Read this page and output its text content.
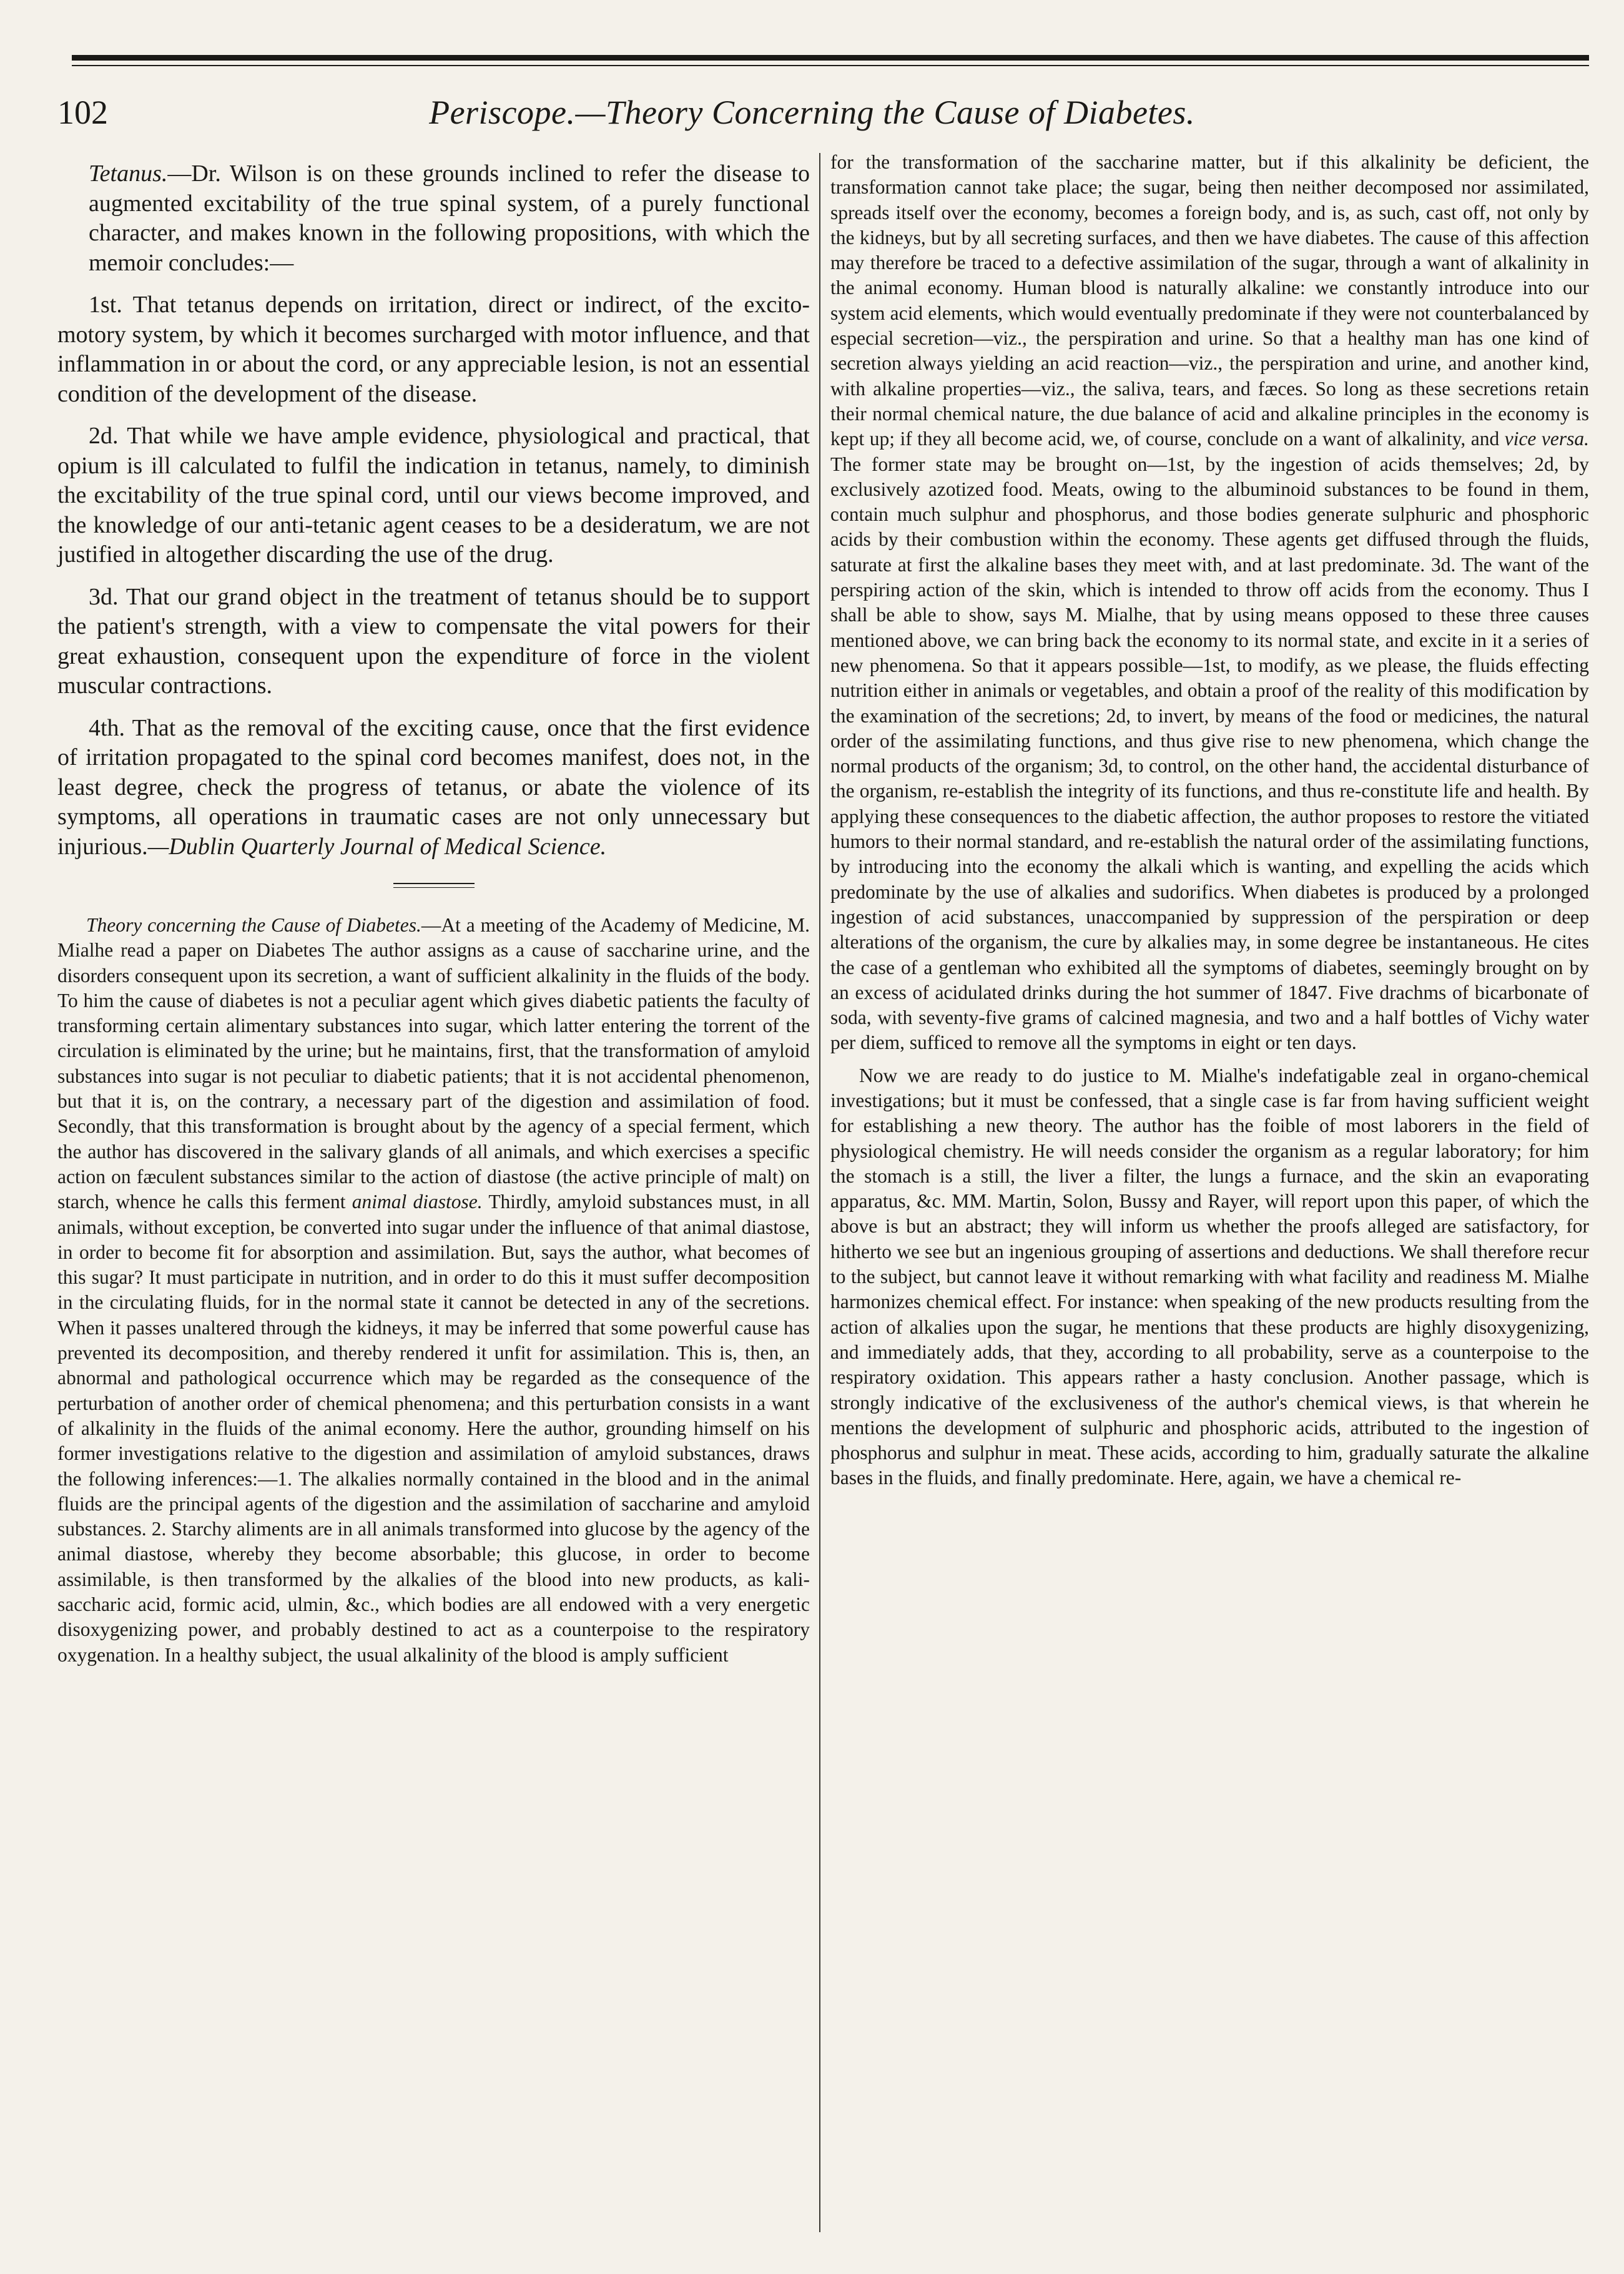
102	Periscope.—Theory Concerning the Cause of Diabetes.

Tetanus.—Dr. Wilson is on these grounds inclined to refer the disease to augmented excitability of the true spinal system, of a purely functional character, and makes known in the following propositions, with which the memoir concludes:—

1st. That tetanus depends on irritation, direct or indirect, of the excito-motory system, by which it becomes surcharged with motor influence, and that inflammation in or about the cord, or any appreciable lesion, is not an essential condition of the development of the disease.

2d. That while we have ample evidence, physiological and practical, that opium is ill calculated to fulfil the indication in tetanus, namely, to diminish the excitability of the true spinal cord, until our views become improved, and the knowledge of our anti-tetanic agent ceases to be a desideratum, we are not justified in altogether discarding the use of the drug.

3d. That our grand object in the treatment of tetanus should be to support the patient's strength, with a view to compensate the vital powers for their great exhaustion, consequent upon the expenditure of force in the violent muscular contractions.

4th. That as the removal of the exciting cause, once that the first evidence of irritation propagated to the spinal cord becomes manifest, does not, in the least degree, check the progress of tetanus, or abate the violence of its symptoms, all operations in traumatic cases are not only unnecessary but injurious.—Dublin Quarterly Journal of Medical Science.

Theory concerning the Cause of Diabetes.—At a meeting of the Academy of Medicine, M. Mialhe read a paper on Diabetes The author assigns as a cause of saccharine urine, and the disorders consequent upon its secretion, a want of sufficient alkalinity in the fluids of the body. To him the cause of diabetes is not a peculiar agent which gives diabetic patients the faculty of transforming certain alimentary substances into sugar, which latter entering the torrent of the circulation is eliminated by the urine; but he maintains, first, that the transformation of amyloid substances into sugar is not peculiar to diabetic patients; that it is not accidental phenomenon, but that it is, on the contrary, a necessary part of the digestion and assimilation of food. Secondly, that this transformation is brought about by the agency of a special ferment, which the author has discovered in the salivary glands of all animals, and which exercises a specific action on fæculent substances similar to the action of diastose (the active principle of malt) on starch, whence he calls this ferment animal diastose. Thirdly, amyloid substances must, in all animals, without exception, be converted into sugar under the influence of that animal diastose, in order to become fit for absorption and assimilation. But, says the author, what becomes of this sugar? It must participate in nutrition, and in order to do this it must suffer decomposition in the circulating fluids, for in the normal state it cannot be detected in any of the secretions. When it passes unaltered through the kidneys, it may be inferred that some powerful cause has prevented its decomposition, and thereby rendered it unfit for assimilation. This is, then, an abnormal and pathological occurrence which may be regarded as the consequence of the perturbation of another order of chemical phenomena; and this perturbation consists in a want of alkalinity in the fluids of the animal economy. Here the author, grounding himself on his former investigations relative to the digestion and assimilation of amyloid substances, draws the following inferences:—1. The alkalies normally contained in the blood and in the animal fluids are the principal agents of the digestion and the assimilation of saccharine and amyloid substances. 2. Starchy aliments are in all animals transformed into glucose by the agency of the animal diastose, whereby they become absorbable; this glucose, in order to become assimilable, is then transformed by the alkalies of the blood into new products, as kali-saccharic acid, formic acid, ulmin, &c., which bodies are all endowed with a very energetic disoxygenizing power, and probably destined to act as a counterpoise to the respiratory oxygenation. In a healthy subject, the usual alkalinity of the blood is amply sufficient

for the transformation of the saccharine matter, but if this alkalinity be deficient, the transformation cannot take place; the sugar, being then neither decomposed nor assimilated, spreads itself over the economy, becomes a foreign body, and is, as such, cast off, not only by the kidneys, but by all secreting surfaces, and then we have diabetes. The cause of this affection may therefore be traced to a defective assimilation of the sugar, through a want of alkalinity in the animal economy. Human blood is naturally alkaline: we constantly introduce into our system acid elements, which would eventually predominate if they were not counterbalanced by especial secretion—viz., the perspiration and urine. So that a healthy man has one kind of secretion always yielding an acid reaction—viz., the perspiration and urine, and another kind, with alkaline properties—viz., the saliva, tears, and fæces. So long as these secretions retain their normal chemical nature, the due balance of acid and alkaline principles in the economy is kept up; if they all become acid, we, of course, conclude on a want of alkalinity, and vice versa. The former state may be brought on—1st, by the ingestion of acids themselves; 2d, by exclusively azotized food. Meats, owing to the albuminoid substances to be found in them, contain much sulphur and phosphorus, and those bodies generate sulphuric and phosphoric acids by their combustion within the economy. These agents get diffused through the fluids, saturate at first the alkaline bases they meet with, and at last predominate. 3d. The want of the perspiring action of the skin, which is intended to throw off acids from the economy. Thus I shall be able to show, says M. Mialhe, that by using means opposed to these three causes mentioned above, we can bring back the economy to its normal state, and excite in it a series of new phenomena. So that it appears possible—1st, to modify, as we please, the fluids effecting nutrition either in animals or vegetables, and obtain a proof of the reality of this modification by the examination of the secretions; 2d, to invert, by means of the food or medicines, the natural order of the assimilating functions, and thus give rise to new phenomena, which change the normal products of the organism; 3d, to control, on the other hand, the accidental disturbance of the organism, re-establish the integrity of its functions, and thus re-constitute life and health. By applying these consequences to the diabetic affection, the author proposes to restore the vitiated humors to their normal standard, and re-establish the natural order of the assimilating functions, by introducing into the economy the alkali which is wanting, and expelling the acids which predominate by the use of alkalies and sudorifics. When diabetes is produced by a prolonged ingestion of acid substances, unaccompanied by suppression of the perspiration or deep alterations of the organism, the cure by alkalies may, in some degree be instantaneous. He cites the case of a gentleman who exhibited all the symptoms of diabetes, seemingly brought on by an excess of acidulated drinks during the hot summer of 1847. Five drachms of bicarbonate of soda, with seventy-five grams of calcined magnesia, and two and a half bottles of Vichy water per diem, sufficed to remove all the symptoms in eight or ten days.

Now we are ready to do justice to M. Mialhe's indefatigable zeal in organo-chemical investigations; but it must be confessed, that a single case is far from having sufficient weight for establishing a new theory. The author has the foible of most laborers in the field of physiological chemistry. He will needs consider the organism as a regular laboratory; for him the stomach is a still, the liver a filter, the lungs a furnace, and the skin an evaporating apparatus, &c. MM. Martin, Solon, Bussy and Rayer, will report upon this paper, of which the above is but an abstract; they will inform us whether the proofs alleged are satisfactory, for hitherto we see but an ingenious grouping of assertions and deductions. We shall therefore recur to the subject, but cannot leave it without remarking with what facility and readiness M. Mialhe harmonizes chemical effect. For instance: when speaking of the new products resulting from the action of alkalies upon the sugar, he mentions that these products are highly disoxygenizing, and immediately adds, that they, according to all probability, serve as a counterpoise to the respiratory oxidation. This appears rather a hasty conclusion. Another passage, which is strongly indicative of the exclusiveness of the author's chemical views, is that wherein he mentions the development of sulphuric and phosphoric acids, attributed to the ingestion of phosphorus and sulphur in meat. These acids, according to him, gradually saturate the alkaline bases in the fluids, and finally predominate. Here, again, we have a chemical re-
